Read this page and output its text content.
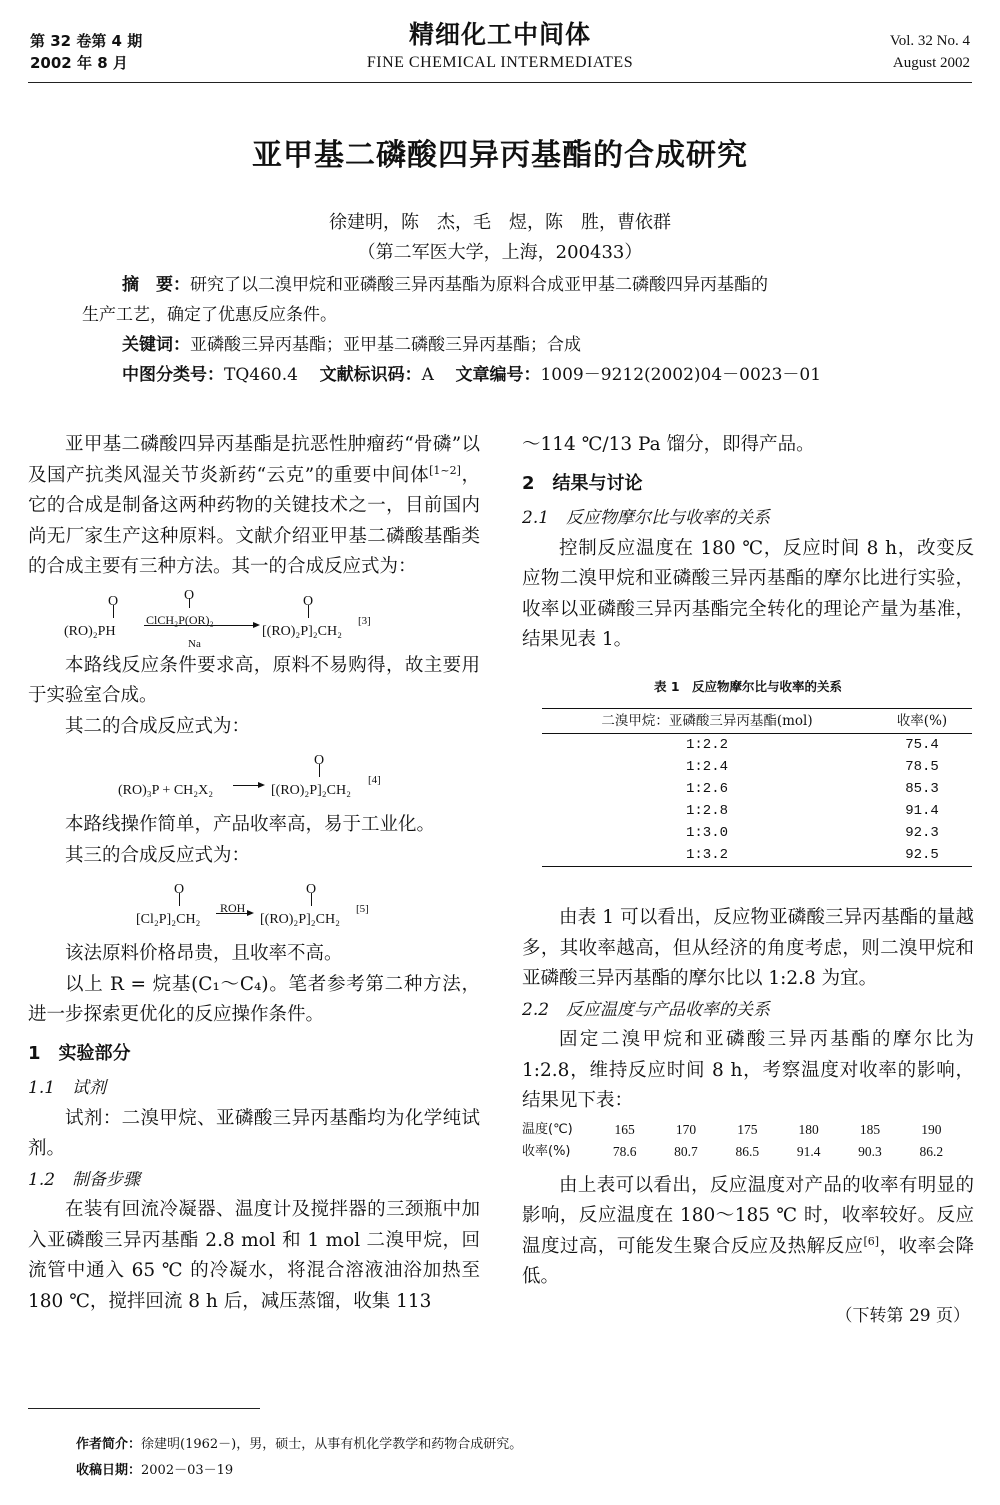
第 32 卷第 4 期
2002 年 8 月
精细化工中间体
FINE CHEMICAL INTERMEDIATES
Vol. 32 No. 4
August 2002
亚甲基二磷酸四异丙基酯的合成研究
徐建明，陈　杰，毛　煜，陈　胜，曹依群
（第二军医大学，上海，200433）
摘　要：研究了以二溴甲烷和亚磷酸三异丙基酯为原料合成亚甲基二磷酸四异丙基酯的
生产工艺，确定了优惠反应条件。
关键词：亚磷酸三异丙基酯；亚甲基二磷酸三异丙基酯；合成
中图分类号：TQ460.4 文献标识码：A 文章编号：1009－9212(2002)04－0023－01

亚甲基二磷酸四异丙基酯是抗恶性肿瘤药“骨磷”以及国产抗类风湿关节炎新药“云克”的重要中间体[1~2]，它的合成是制备这两种药物的关键技术之一，目前国内尚无厂家生产这种原料。文献介绍亚甲基二磷酸基酯类的合成主要有三种方法。其一的合成反应式为：

O
(RO)₂PH
O
ClCH₂P(OR)₂
Na
O
[(RO)₂P]₂CH₂
[3]

本路线反应条件要求高，原料不易购得，故主要用于实验室合成。

其二的合成反应式为：

O
(RO)₃P + CH₂X₂ → [(RO)₂P]₂CH₂
[4]

本路线操作简单，产品收率高，易于工业化。

其三的合成反应式为：

O
[Cl₂P]₂CH₂
ROH
O
[(RO)₂P]₂CH₂
[5]

该法原料价格昂贵，且收率不高。

以上 R = 烷基(C₁～C₄)。笔者参考第二种方法，进一步探索更优化的反应操作条件。

1　实验部分
1.1　试剂

试剂：二溴甲烷、亚磷酸三异丙基酯均为化学纯试剂。

1.2　制备步骤

在装有回流冷凝器、温度计及搅拌器的三颈瓶中加入亚磷酸三异丙基酯 2.8 mol 和 1 mol 二溴甲烷，回流管中通入 65 ℃ 的冷凝水，将混合溶液油浴加热至 180 ℃，搅拌回流 8 h 后，减压蒸馏，收集 113

～114 ℃/13 Pa 馏分，即得产品。

2　结果与讨论
2.1　反应物摩尔比与收率的关系

控制反应温度在 180 ℃，反应时间 8 h，改变反应物二溴甲烷和亚磷酸三异丙基酯的摩尔比进行实验，收率以亚磷酸三异丙基酯完全转化的理论产量为基准，结果见表 1。

表 1　反应物摩尔比与收率的关系
二溴甲烷：亚磷酸三异丙基酯(mol)	收率(%)
1:2.2	75.4
1:2.4	78.5
1:2.6	85.3
1:2.8	91.4
1:3.0	92.3
1:3.2	92.5

由表 1 可以看出，反应物亚磷酸三异丙基酯的量越多，其收率越高，但从经济的角度考虑，则二溴甲烷和亚磷酸三异丙基酯的摩尔比以 1:2.8 为宜。

2.2　反应温度与产品收率的关系

固定二溴甲烷和亚磷酸三异丙基酯的摩尔比为 1:2.8，维持反应时间 8 h，考察温度对收率的影响，结果见下表：

温度(℃)	165	170	175	180	185	190
收率(%)	78.6	80.7	86.5	91.4	90.3	86.2

由上表可以看出，反应温度对产品的收率有明显的影响，反应温度在 180～185 ℃ 时，收率较好。反应温度过高，可能发生聚合反应及热解反应[6]，收率会降低。

（下转第 29 页）
作者简介：徐建明(1962－)，男，硕士，从事有机化学教学和药物合成研究。
收稿日期：2002－03－19
